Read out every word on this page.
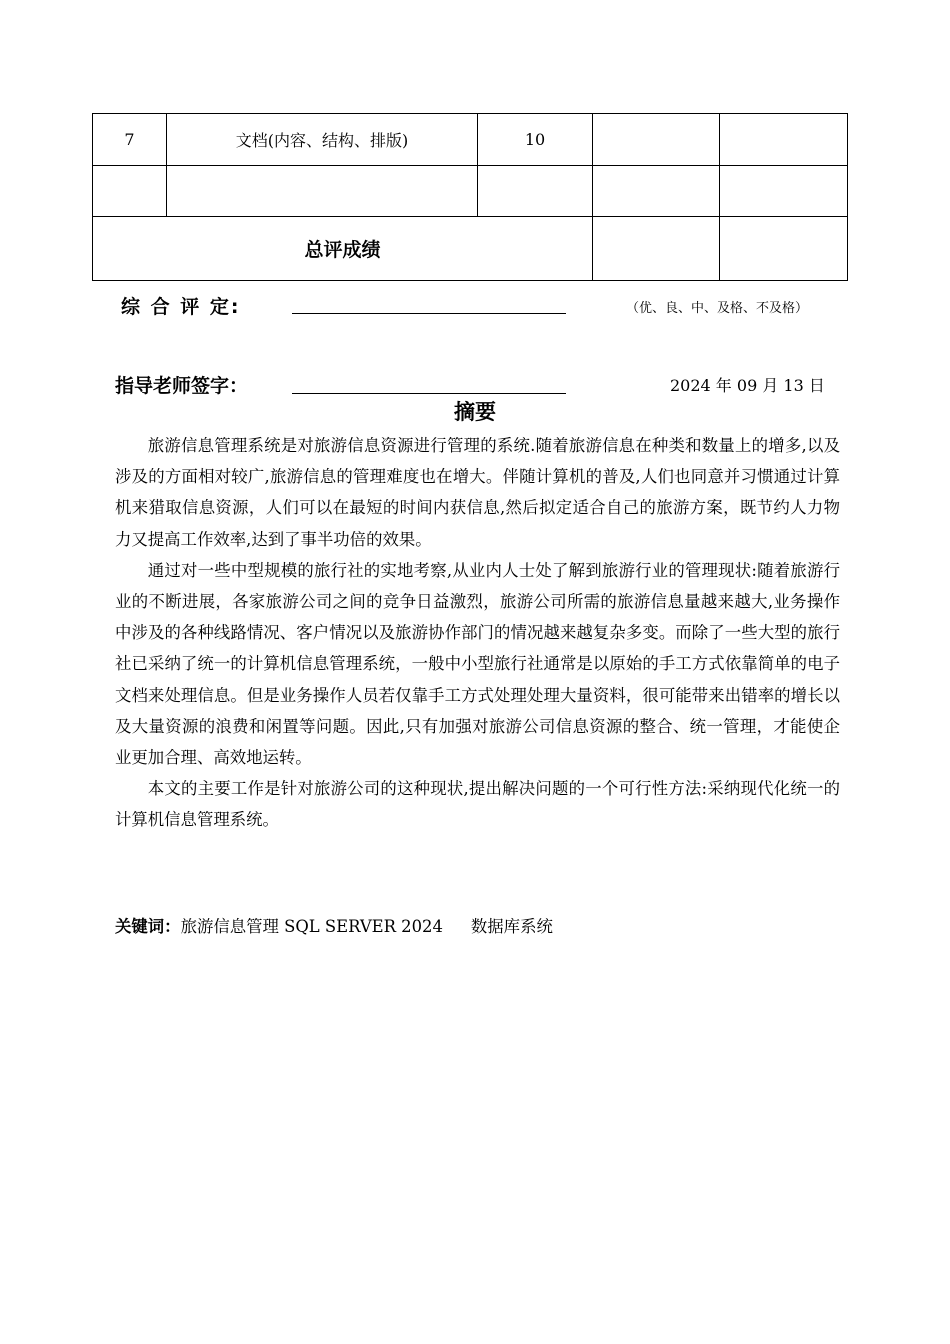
7	文档(内容、结构、排版)	10		

总评成绩				
综 合 评 定:	（优、良、中、及格、不及格）
指导老师签字：	2024 年 09 月 13 日
摘要

旅游信息管理系统是对旅游信息资源进行管理的系统.随着旅游信息在种类和数量上的增多,以及涉及的方面相对较广,旅游信息的管理难度也在增大。伴随计算机的普及,人们也同意并习惯通过计算机来猎取信息资源，人们可以在最短的时间内获信息,然后拟定适合自己的旅游方案，既节约人力物力又提高工作效率,达到了事半功倍的效果。

通过对一些中型规模的旅行社的实地考察,从业内人士处了解到旅游行业的管理现状:随着旅游行业的不断进展，各家旅游公司之间的竞争日益激烈，旅游公司所需的旅游信息量越来越大,业务操作中涉及的各种线路情况、客户情况以及旅游协作部门的情况越来越复杂多变。而除了一些大型的旅行社已采纳了统一的计算机信息管理系统，一般中小型旅行社通常是以原始的手工方式依靠简单的电子文档来处理信息。但是业务操作人员若仅靠手工方式处理处理大量资料，很可能带来出错率的增长以及大量资源的浪费和闲置等问题。因此,只有加强对旅游公司信息资源的整合、统一管理，才能使企业更加合理、高效地运转。

本文的主要工作是针对旅游公司的这种现状,提出解决问题的一个可行性方法:采纳现代化统一的计算机信息管理系统。

关键词：旅游信息管理 SQL SERVER 2024 数据库系统
